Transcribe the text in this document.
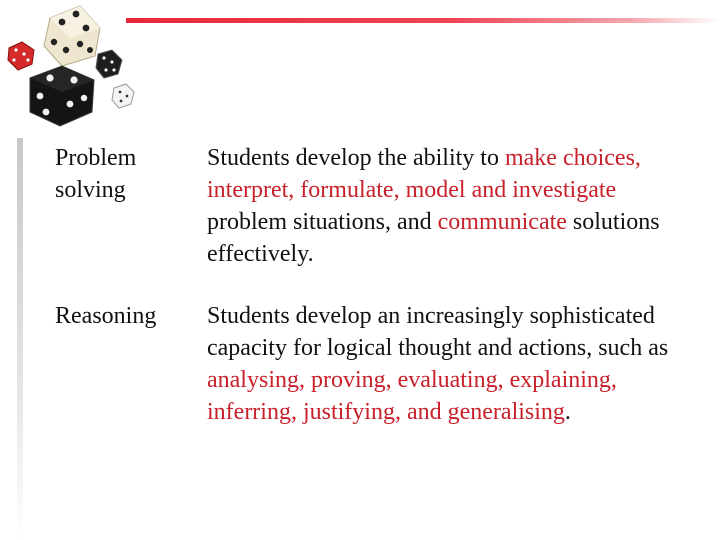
Problem
solving
Students develop the ability to make choices, interpret, formulate, model and investigate problem situations, and communicate solutions effectively.
Reasoning	Students develop an increasingly sophisticated capacity for logical thought and actions, such as analysing, proving, evaluating, explaining, inferring, justifying, and generalising.
